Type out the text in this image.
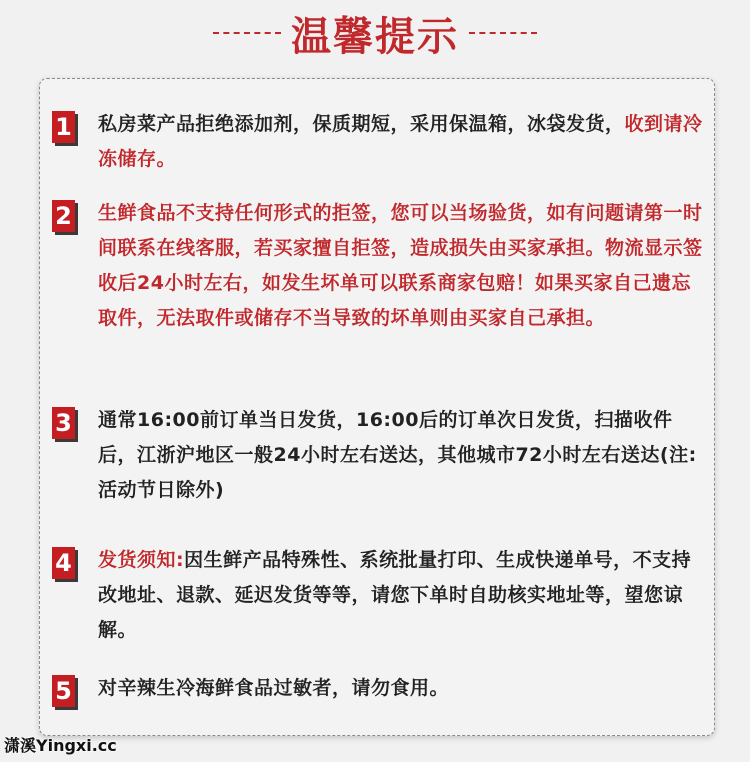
温馨提示
1 私房菜产品拒绝添加剂，保质期短，采用保温箱，冰袋发货，收到请冷冻储存。
2 生鲜食品不支持任何形式的拒签，您可以当场验货，如有问题请第一时间联系在线客服，若买家擅自拒签，造成损失由买家承担。物流显示签收后24小时左右，如发生坏单可以联系商家包赔！如果买家自己遗忘取件，无法取件或储存不当导致的坏单则由买家自己承担。
3 通常16:00前订单当日发货，16:00后的订单次日发货，扫描收件后，江浙沪地区一般24小时左右送达，其他城市72小时左右送达(注:活动节日除外)
4 发货须知:因生鲜产品特殊性、系统批量打印、生成快递单号，不支持改地址、退款、延迟发货等等，请您下单时自助核实地址等，望您谅解。
5 对辛辣生冷海鲜食品过敏者，请勿食用。
潇溪Yingxi.cc
